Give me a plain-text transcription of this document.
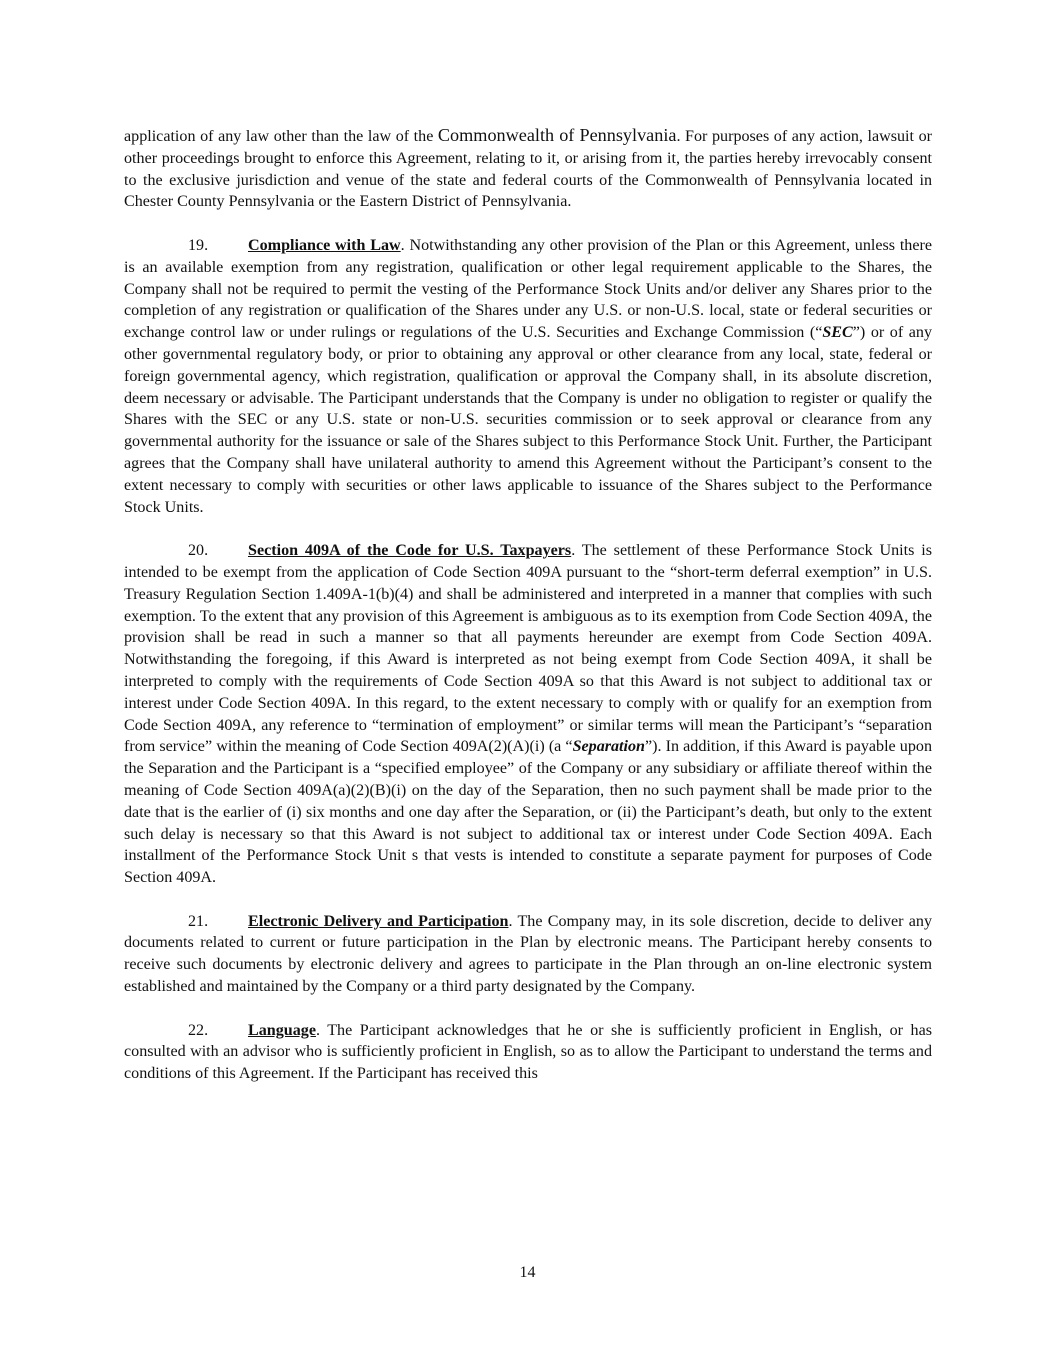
application of any law other than the law of the Commonwealth of Pennsylvania. For purposes of any action, lawsuit or other proceedings brought to enforce this Agreement, relating to it, or arising from it, the parties hereby irrevocably consent to the exclusive jurisdiction and venue of the state and federal courts of the Commonwealth of Pennsylvania located in Chester County Pennsylvania or the Eastern District of Pennsylvania.

19. Compliance with Law. Notwithstanding any other provision of the Plan or this Agreement, unless there is an available exemption from any registration, qualification or other legal requirement applicable to the Shares, the Company shall not be required to permit the vesting of the Performance Stock Units and/or deliver any Shares prior to the completion of any registration or qualification of the Shares under any U.S. or non-U.S. local, state or federal securities or exchange control law or under rulings or regulations of the U.S. Securities and Exchange Commission (“SEC”) or of any other governmental regulatory body, or prior to obtaining any approval or other clearance from any local, state, federal or foreign governmental agency, which registration, qualification or approval the Company shall, in its absolute discretion, deem necessary or advisable. The Participant understands that the Company is under no obligation to register or qualify the Shares with the SEC or any U.S. state or non-U.S. securities commission or to seek approval or clearance from any governmental authority for the issuance or sale of the Shares subject to this Performance Stock Unit. Further, the Participant agrees that the Company shall have unilateral authority to amend this Agreement without the Participant’s consent to the extent necessary to comply with securities or other laws applicable to issuance of the Shares subject to the Performance Stock Units.

20. Section 409A of the Code for U.S. Taxpayers. The settlement of these Performance Stock Units is intended to be exempt from the application of Code Section 409A pursuant to the “short-term deferral exemption” in U.S. Treasury Regulation Section 1.409A-1(b)(4) and shall be administered and interpreted in a manner that complies with such exemption. To the extent that any provision of this Agreement is ambiguous as to its exemption from Code Section 409A, the provision shall be read in such a manner so that all payments hereunder are exempt from Code Section 409A. Notwithstanding the foregoing, if this Award is interpreted as not being exempt from Code Section 409A, it shall be interpreted to comply with the requirements of Code Section 409A so that this Award is not subject to additional tax or interest under Code Section 409A. In this regard, to the extent necessary to comply with or qualify for an exemption from Code Section 409A, any reference to “termination of employment” or similar terms will mean the Participant’s “separation from service” within the meaning of Code Section 409A(2)(A)(i) (a “Separation”). In addition, if this Award is payable upon the Separation and the Participant is a “specified employee” of the Company or any subsidiary or affiliate thereof within the meaning of Code Section 409A(a)(2)(B)(i) on the day of the Separation, then no such payment shall be made prior to the date that is the earlier of (i) six months and one day after the Separation, or (ii) the Participant’s death, but only to the extent such delay is necessary so that this Award is not subject to additional tax or interest under Code Section 409A. Each installment of the Performance Stock Unit s that vests is intended to constitute a separate payment for purposes of Code Section 409A.

21. Electronic Delivery and Participation. The Company may, in its sole discretion, decide to deliver any documents related to current or future participation in the Plan by electronic means. The Participant hereby consents to receive such documents by electronic delivery and agrees to participate in the Plan through an on-line electronic system established and maintained by the Company or a third party designated by the Company.

22. Language. The Participant acknowledges that he or she is sufficiently proficient in English, or has consulted with an advisor who is sufficiently proficient in English, so as to allow the Participant to understand the terms and conditions of this Agreement. If the Participant has received this

14
